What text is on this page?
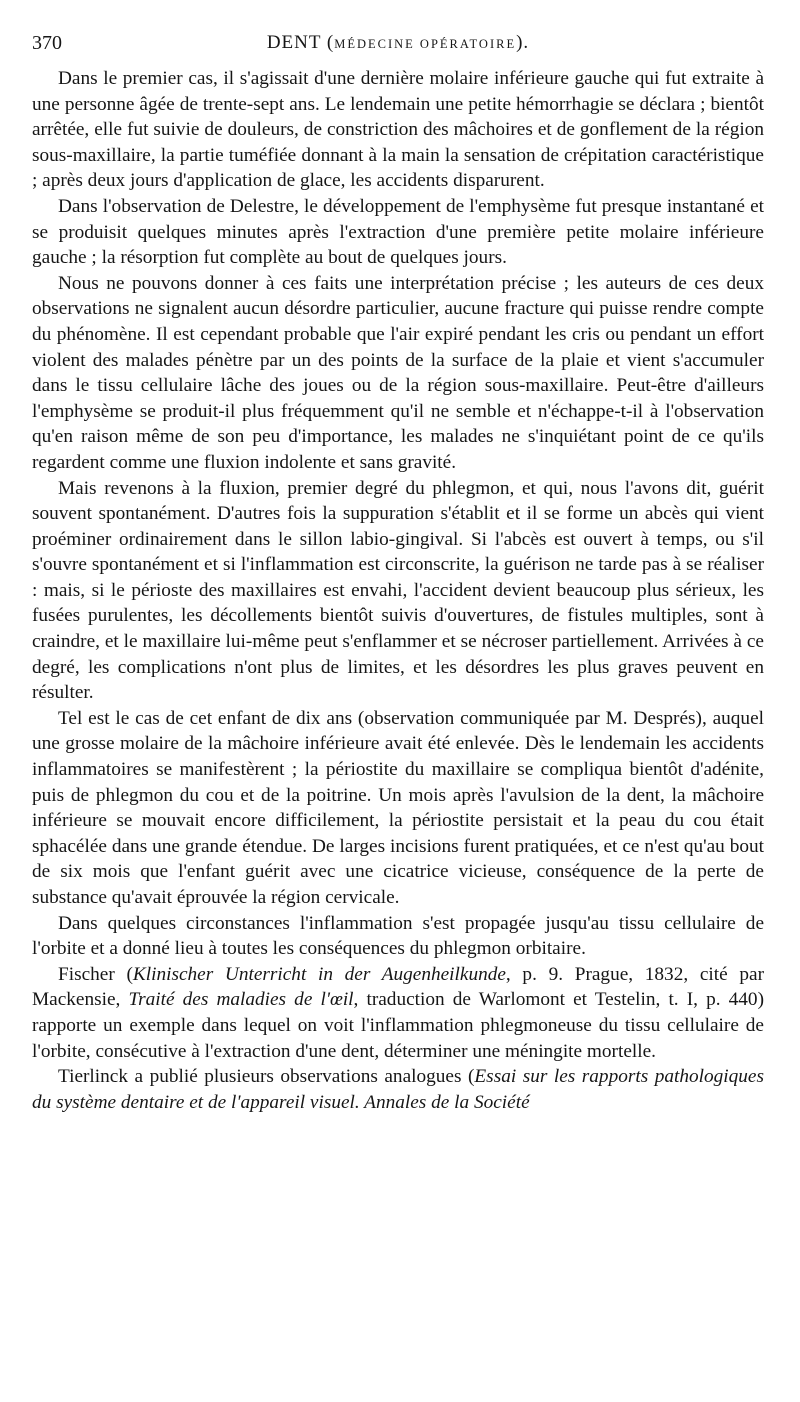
370	DENT (MÉDECINE OPÉRATOIRE).

Dans le premier cas, il s'agissait d'une dernière molaire inférieure gauche qui fut extraite à une personne âgée de trente-sept ans. Le lendemain une petite hémorrhagie se déclara ; bientôt arrêtée, elle fut suivie de douleurs, de constriction des mâchoires et de gonflement de la région sous-maxillaire, la partie tuméfiée donnant à la main la sensation de crépitation caractéristique ; après deux jours d'application de glace, les accidents disparurent.

Dans l'observation de Delestre, le développement de l'emphysème fut presque instantané et se produisit quelques minutes après l'extraction d'une première petite molaire inférieure gauche ; la résorption fut complète au bout de quelques jours.

Nous ne pouvons donner à ces faits une interprétation précise ; les auteurs de ces deux observations ne signalent aucun désordre particulier, aucune fracture qui puisse rendre compte du phénomène. Il est cependant probable que l'air expiré pendant les cris ou pendant un effort violent des malades pénètre par un des points de la surface de la plaie et vient s'accumuler dans le tissu cellulaire lâche des joues ou de la région sous-maxillaire. Peut-être d'ailleurs l'emphysème se produit-il plus fréquemment qu'il ne semble et n'échappe-t-il à l'observation qu'en raison même de son peu d'importance, les malades ne s'inquiétant point de ce qu'ils regardent comme une fluxion indolente et sans gravité.

Mais revenons à la fluxion, premier degré du phlegmon, et qui, nous l'avons dit, guérit souvent spontanément. D'autres fois la suppuration s'établit et il se forme un abcès qui vient proéminer ordinairement dans le sillon labio-gingival. Si l'abcès est ouvert à temps, ou s'il s'ouvre spontanément et si l'inflammation est circonscrite, la guérison ne tarde pas à se réaliser : mais, si le périoste des maxillaires est envahi, l'accident devient beaucoup plus sérieux, les fusées purulentes, les décollements bientôt suivis d'ouvertures, de fistules multiples, sont à craindre, et le maxillaire lui-même peut s'enflammer et se nécroser partiellement. Arrivées à ce degré, les complications n'ont plus de limites, et les désordres les plus graves peuvent en résulter.

Tel est le cas de cet enfant de dix ans (observation communiquée par M. Després), auquel une grosse molaire de la mâchoire inférieure avait été enlevée. Dès le lendemain les accidents inflammatoires se manifestèrent ; la périostite du maxillaire se compliqua bientôt d'adénite, puis de phlegmon du cou et de la poitrine. Un mois après l'avulsion de la dent, la mâchoire inférieure se mouvait encore difficilement, la périostite persistait et la peau du cou était sphacélée dans une grande étendue. De larges incisions furent pratiquées, et ce n'est qu'au bout de six mois que l'enfant guérit avec une cicatrice vicieuse, conséquence de la perte de substance qu'avait éprouvée la région cervicale.

Dans quelques circonstances l'inflammation s'est propagée jusqu'au tissu cellulaire de l'orbite et a donné lieu à toutes les conséquences du phlegmon orbitaire.

Fischer (Klinischer Unterricht in der Augenheilkunde, p. 9. Prague, 1832, cité par Mackensie, Traité des maladies de l'œil, traduction de Warlomont et Testelin, t. I, p. 440) rapporte un exemple dans lequel on voit l'inflammation phlegmoneuse du tissu cellulaire de l'orbite, consécutive à l'extraction d'une dent, déterminer une méningite mortelle.

Tierlinck a publié plusieurs observations analogues (Essai sur les rapports pathologiques du système dentaire et de l'appareil visuel. Annales de la Société
